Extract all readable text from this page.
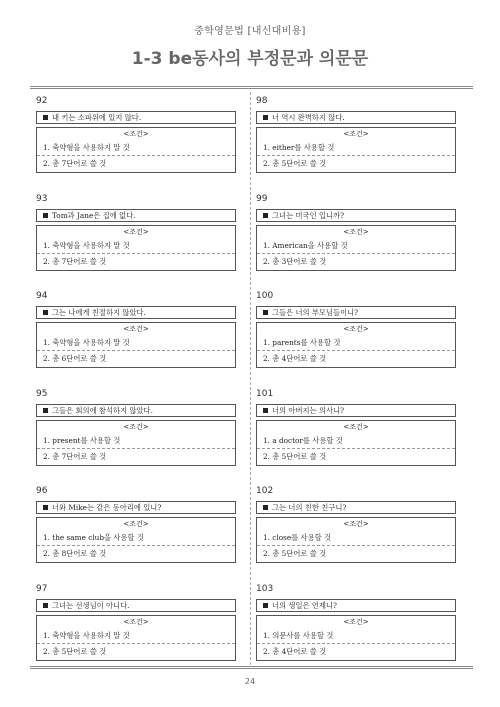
중학영문법 [내신대비용]
1-3 be동사의 부정문과 의문문
92
내 키는 소파위에 있지 않다.
<조건>
1. 축약형을 사용하지 말 것
2. 총 7단어로 쓸 것
93
Tom과 Jane은 집에 없다.
<조건>
1. 축약형을 사용하지 말 것
2. 총 7단어로 쓸 것
94
그는 나에게 친절하지 않았다.
<조건>
1. 축약형을 사용하지 말 것
2. 총 6단어로 쓸 것
95
그들은 회의에 참석하지 않았다.
<조건>
1. present를 사용할 것
2. 총 7단어로 쓸 것
96
너와 Mike는 같은 동아리에 있니?
<조건>
1. the same club을 사용할 것
2. 총 8단어로 쓸 것
97
그녀는 선생님이 아니다.
<조건>
1. 축약형을 사용하지 말 것
2. 총 5단어로 쓸 것
98
너 역시 완벽하지 않다.
<조건>
1. either를 사용할 것
2. 총 5단어로 쓸 것
99
그녀는 미국인 입니까?
<조건>
1. American을 사용할 것
2. 총 3단어로 쓸 것
100
그들은 너의 부모님들이니?
<조건>
1. parents를 사용할 것
2. 총 4단어로 쓸 것
101
너의 아버지는 의사니?
<조건>
1. a doctor를 사용할 것
2. 총 5단어로 쓸 것
102
그는 너의 친한 친구니?
<조건>
1. close를 사용할 것
2. 총 5단어로 쓸 것
103
너의 생일은 언제니?
<조건>
1. 의문사를 사용할 것
2. 총 4단어로 쓸 것
24
